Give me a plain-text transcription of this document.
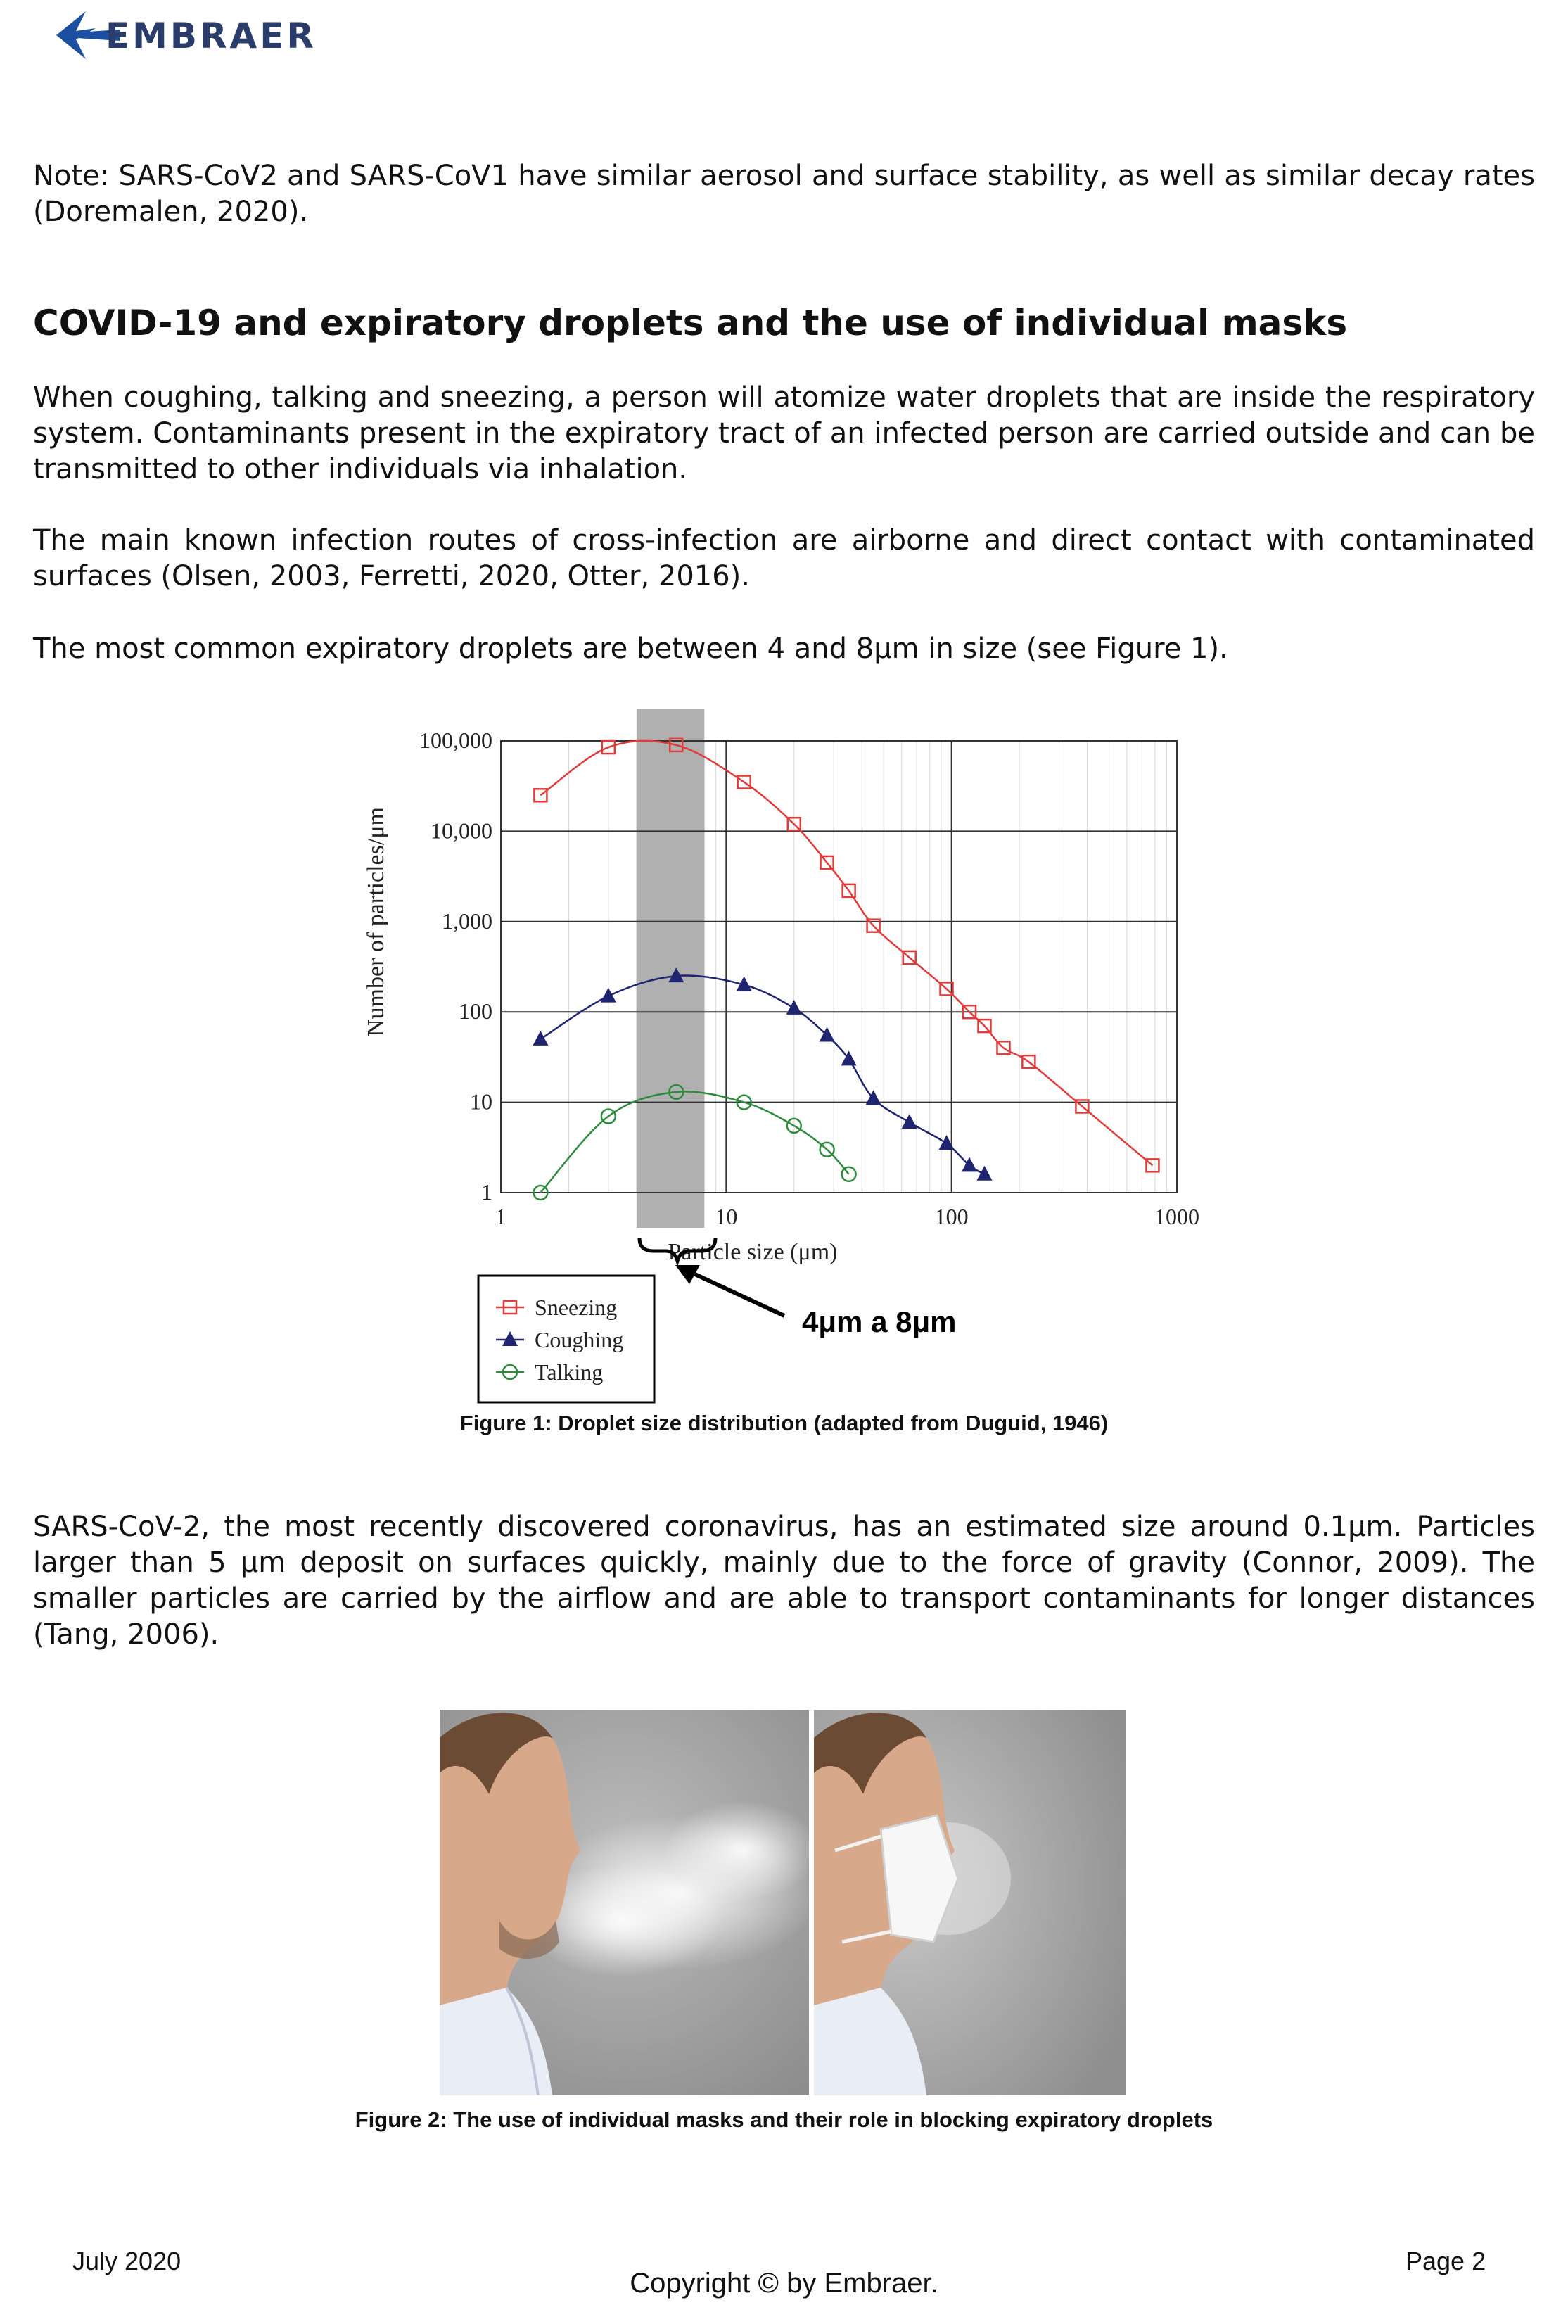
EMBRAER

Note: SARS-CoV2 and SARS-CoV1 have similar aerosol and surface stability, as well as similar decay rates (Doremalen, 2020).

COVID-19 and expiratory droplets and the use of individual masks

When coughing, talking and sneezing, a person will atomize water droplets that are inside the respiratory system. Contaminants present in the expiratory tract of an infected person are carried outside and can be transmitted to other individuals via inhalation.

The main known infection routes of cross-infection are airborne and direct contact with contaminated surfaces (Olsen, 2003, Ferretti, 2020, Otter, 2016).

The most common expiratory droplets are between 4 and 8μm in size (see Figure 1).

1	10	100	1000
1
10
100
1,000
10,000
100,000
Number of particles/μm
Particle size (μm)
4μm a 8μm
Sneezing
Coughing
Talking
Figure 1: Droplet size distribution (adapted from Duguid, 1946)

SARS-CoV-2, the most recently discovered coronavirus, has an estimated size around 0.1μm. Particles larger than 5 μm deposit on surfaces quickly, mainly due to the force of gravity (Connor, 2009). The smaller particles are carried by the airflow and are able to transport contaminants for longer distances (Tang, 2006).

Figure 2: The use of individual masks and their role in blocking expiratory droplets
July 2020
Copyright © by Embraer.
Page 2
